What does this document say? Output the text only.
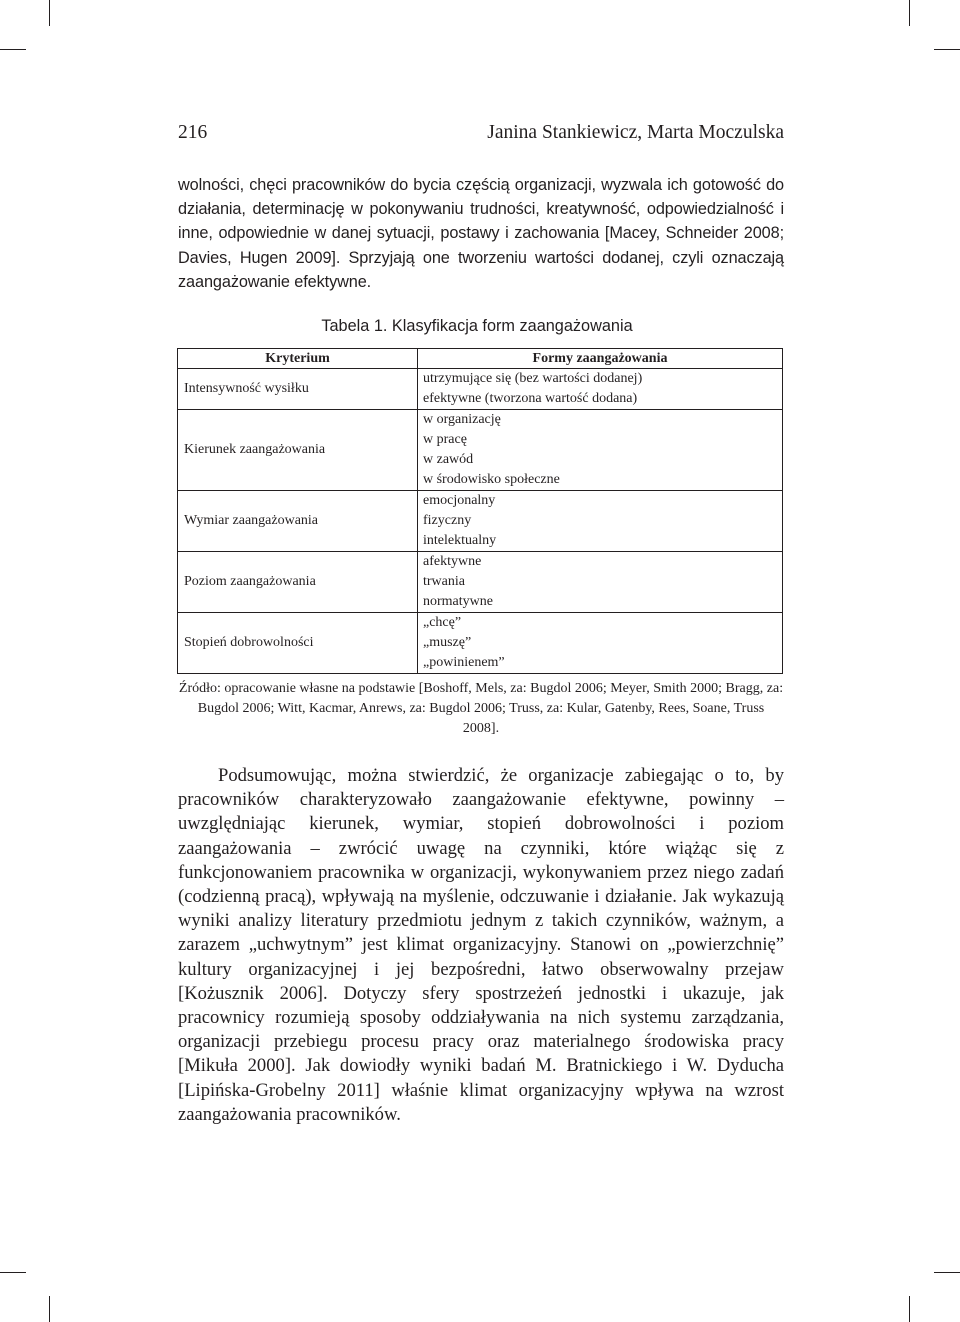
216	Janina Stankiewicz, Marta Moczulska

wolności, chęci pracowników do bycia częścią organizacji, wyzwala ich gotowość do działania, determinację w pokonywaniu trudności, kreatywność, odpowiedzialność i inne, odpowiednie w danej sytuacji, postawy i zachowania [Macey, Schneider 2008; Davies, Hugen 2009]. Sprzyjają one tworzeniu wartości dodanej, czyli oznaczają zaangażowanie efektywne.

Tabela 1. Klasyfikacja form zaangażowania
Kryterium	Formy zaangażowania
Intensywność wysiłku	utrzymujące się (bez wartości dodanej)
efektywne (tworzona wartość dodana)

Kierunek zaangażowania	w organizację
w pracę
w zawód
w środowisko społeczne

Wymiar zaangażowania	emocjonalny
fizyczny
intelektualny

Poziom zaangażowania	afektywne
trwania
normatywne

Stopień dobrowolności	„chcę”
„muszę”
„powinienem”
Źródło: opracowanie własne na podstawie [Boshoff, Mels, za: Bugdol 2006; Meyer, Smith 2000; Bragg, za: Bugdol 2006; Witt, Kacmar, Anrews, za: Bugdol 2006; Truss, za: Kular, Gatenby, Rees, Soane, Truss 2008].

Podsumowując, można stwierdzić, że organizacje zabiegając o to, by pracowników charakteryzowało zaangażowanie efektywne, powinny – uwzględniając kierunek, wymiar, stopień dobrowolności i poziom zaangażowania – zwrócić uwagę na czynniki, które wiążąc się z funkcjonowaniem pracownika w organizacji, wykonywaniem przez niego zadań (codzienną pracą), wpływają na myślenie, odczuwanie i działanie. Jak wykazują wyniki analizy literatury przedmiotu jednym z takich czynników, ważnym, a zarazem „uchwytnym” jest klimat organizacyjny. Stanowi on „powierzchnię” kultury organizacyjnej i jej bezpośredni, łatwo obserwowalny przejaw [Kożusznik 2006]. Dotyczy sfery spostrzeżeń jednostki i ukazuje, jak pracownicy rozumieją sposoby oddziaływania na nich systemu zarządzania, organizacji przebiegu procesu pracy oraz materialnego środowiska pracy [Mikuła 2000]. Jak dowiodły wyniki badań M. Bratnickiego i W. Dyducha [Lipińska-Grobelny 2011] właśnie klimat organizacyjny wpływa na wzrost zaangażowania pracowników.
